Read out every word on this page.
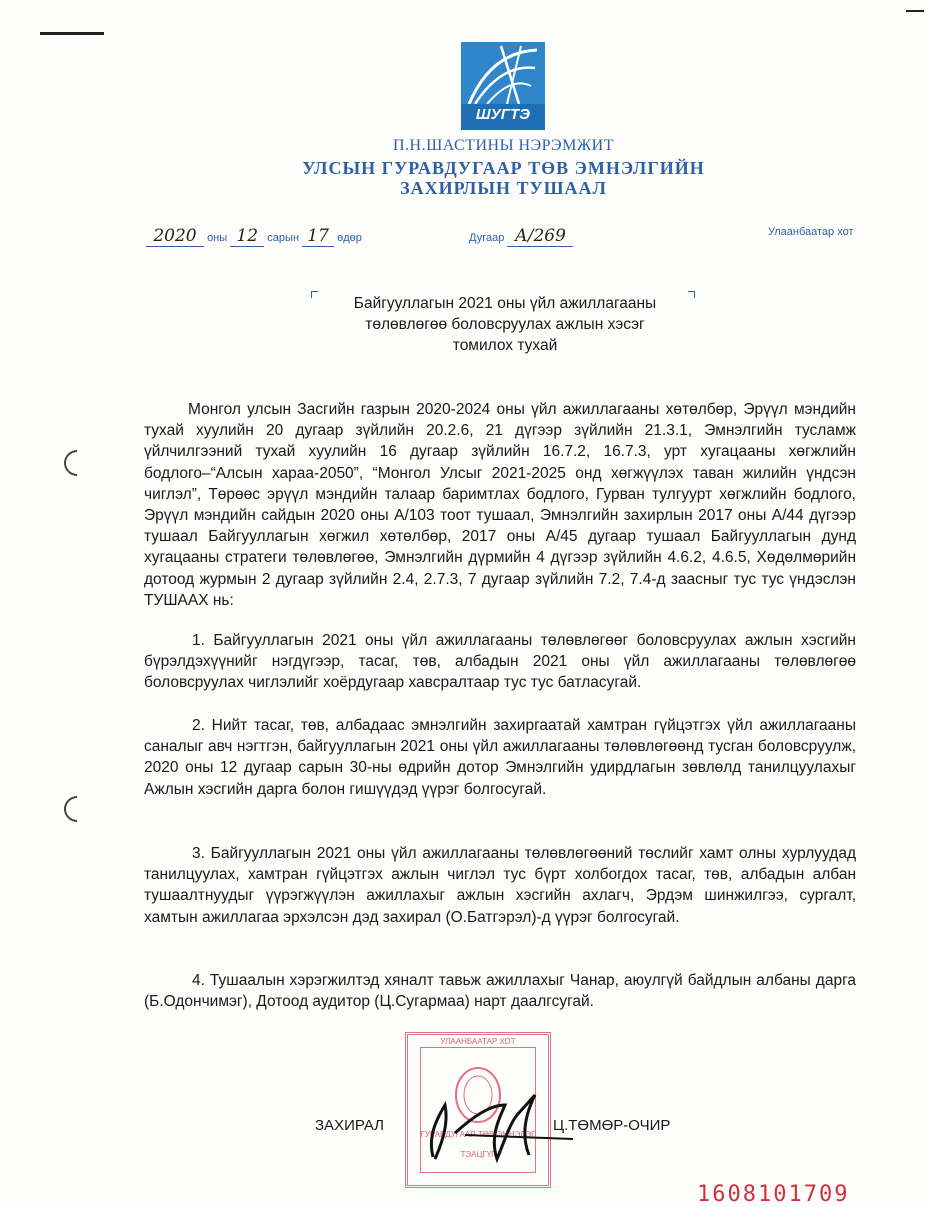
ШУГТЭ
П.Н.ШАСТИНЫ НЭРЭМЖИТ
УЛСЫН ГУРАВДУГААР ТӨВ ЭМНЭЛГИЙН
ЗАХИРЛЫН ТУШААЛ
2020 оны 12 сарын 17 өдөр	Дугаар А/269	Улаанбаатар хот
Байгууллагын 2021 оны үйл ажиллагааны
төлөвлөгөө боловсруулах ажлын хэсэг
томилох тухай
Монгол улсын Засгийн газрын 2020-2024 оны үйл ажиллагааны хөтөлбөр, Эрүүл мэндийн тухай хуулийн 20 дугаар зүйлийн 20.2.6, 21 дүгээр зүйлийн 21.3.1, Эмнэлгийн тусламж үйлчилгээний тухай хуулийн 16 дугаар зүйлийн 16.7.2, 16.7.3, урт хугацааны хөгжлийн бодлого–“Алсын хараа-2050”, “Монгол Улсыг 2021-2025 онд хөгжүүлэх таван жилийн үндсэн чиглэл”, Төрөөс эрүүл мэндийн талаар баримтлах бодлого, Гурван тулгуурт хөгжлийн бодлого, Эрүүл мэндийн сайдын 2020 оны А/103 тоот тушаал, Эмнэлгийн захирлын 2017 оны А/44 дүгээр тушаал Байгууллагын хөгжил хөтөлбөр, 2017 оны А/45 дугаар тушаал Байгууллагын дунд хугацааны стратеги төлөвлөгөө, Эмнэлгийн дүрмийн 4 дүгээр зүйлийн 4.6.2, 4.6.5, Хөдөлмөрийн дотоод журмын 2 дугаар зүйлийн 2.4, 2.7.3, 7 дугаар зүйлийн 7.2, 7.4-д заасныг тус тус үндэслэн ТУШААХ нь:
1. Байгууллагын 2021 оны үйл ажиллагааны төлөвлөгөөг боловсруулах ажлын хэсгийн бүрэлдэхүүнийг нэгдүгээр, тасаг, төв, албадын 2021 оны үйл ажиллагааны төлөвлөгөө боловсруулах чиглэлийг хоёрдугаар хавсралтаар тус тус батласугай.
2. Нийт тасаг, төв, албадаас эмнэлгийн захиргаатай хамтран гүйцэтгэх үйл ажиллагааны саналыг авч нэгтгэн, байгууллагын 2021 оны үйл ажиллагааны төлөвлөгөөнд тусган боловсруулж, 2020 оны 12 дугаар сарын 30-ны өдрийн дотор Эмнэлгийн удирдлагын зөвлөлд танилцуулахыг Ажлын хэсгийн дарга болон гишүүдэд үүрэг болгосугай.
3. Байгууллагын 2021 оны үйл ажиллагааны төлөвлөгөөний төслийг хамт олны хурлуудад танилцуулах, хамтран гүйцэтгэх ажлын чиглэл тус бүрт холбогдох тасаг, төв, албадын албан тушаалтнуудыг үүрэгжүүлэн ажиллахыг ажлын хэсгийн ахлагч, Эрдэм шинжилгээ, сургалт, хамтын ажиллагаа эрхэлсэн дэд захирал (О.Батгэрэл)-д үүрэг болгосугай.
4. Тушаалын хэрэгжилтэд хяналт тавьж ажиллахыг Чанар, аюулгүй байдлын албаны дарга (Б.Одончимэг), Дотоод аудитор (Ц.Сугармаа) нарт даалгсугай.
УЛААНБААТАР ХОТ
ГУРАВДУГААР ТӨВ ЭМНЭЛЭГ
ТЭАЦГҮГ
ЗАХИРАЛ	Ц.ТӨМӨР-ОЧИР
1608101709
